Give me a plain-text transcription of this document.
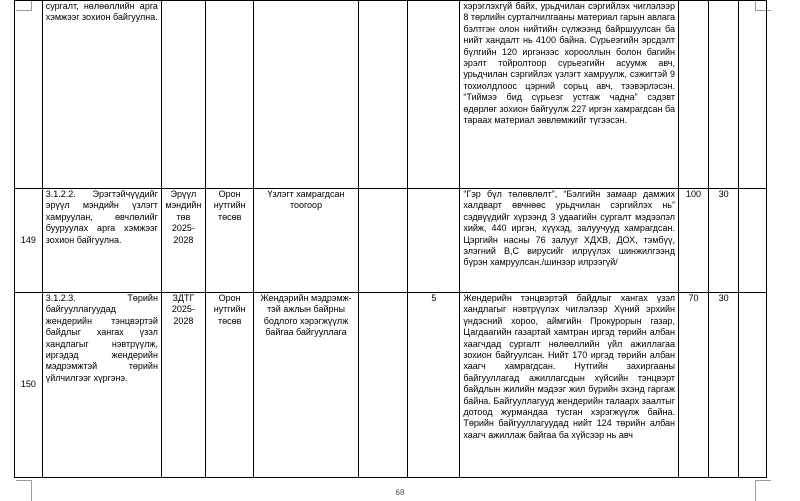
	сургалт, нөлөөллийн арга хэмжээг зохион байгуулна.						хэрэглэхгүй байх, урьдчилан сэргийлэх чиглэлээр 8 төрлийн сурталчилгааны материал гарын авлага бэлтгэн олон нийтийн сүлжээнд байршуулсан ба нийт хандалт нь 4100 байна. Сүрьеэгийн эрсдэлт бүлгийн 120 иргэнээс хорооллын болон багийн эрэлт тойролтоор сүрьеэгийн асуумж авч, урьдчилан сэргийлэх үзлэгт хамруулж, сэжигтэй 9 тохиолдлоос цэрний сорьц авч, тээвэрлэсэн. “Тиймээ бид сүрьеэг устгаж чадна” сэдэвт өдөрлөг зохион байгуулж 227 иргэн хамрагдсан ба тараах материал зөвлөмжийг түгээсэн.			
149	3.1.2.2. Эрэгтэйчүүдийг эрүүл мэндийн үзлэгт хамруулан, өвчлөлийг бууруулах арга хэмжээг зохион байгуулна.	Эрүүл мэндийн төв 2025-2028	Орон нутгийн төсөв	Үзлэгт хамрагдсан тоогоор			“Гэр бүл төлөвлөлт”, “Бэлгийн замаар дамжих халдварт өвчнөөс урьдчилан сэргийлэх нь” сэдвүүдийг хүрээнд 3 удаагийн сургалт мэдээлэл хийж, 440 иргэн, хүүхэд, залуучууд хамрагдсан. Цэргийн насны 76 залууг ХДХВ, ДОХ, тэмбүү, элэгний В,С вирусийг илрүүлэх шинжилгээнд бүрэн хамруулсан./шинээр илрээгүй/	100	30	
150	3.1.2.3. Төрийн байгууллагуудад жендерийн тэнцвэртэй байдлыг хангах үзэл хандлагыг нэвтрүүлж, иргэдэд жендерийн мэдрэмжтэй төрийн үйлчилгээг хүргэнэ.	ЗДТГ 2025-2028	Орон нутгийн төсөв	Жендэрийн мэдрэмж-тэй ажлын байрны бодлого хэрэгжүүлж байгаа байгууллага		5	Жендерийн тэнцвэртэй байдлыг хангах үзэл хандлагыг нэвтрүүлэх чиглэлээр Хүний эрхийн үндэсний хороо, аймгийн Прокурорын газар, Цагдаагийн газартай хамтран иргэд төрийн албан хаагчдад сургалт нөлөөллийн үйл ажиллагаа зохион байгуулсан. Нийт 170 иргэд төрийн албан хаагч хамрагдсан. Нутгийн захиргааны байгууллагад ажиллагсдын хүйсийн тэнцвэрт байдлын жилийн мэдээг жил бүрийн эхэнд гаргаж байна. Байгууллагууд жендерийн талаарх заалтыг дотоод журмандаа тусган хэрэгжүүлж байна. Төрийн байгууллагуудад нийт 124 төрийн албан хаагч ажиллаж байгаа ба хүйсээр нь авч	70	30	
68
